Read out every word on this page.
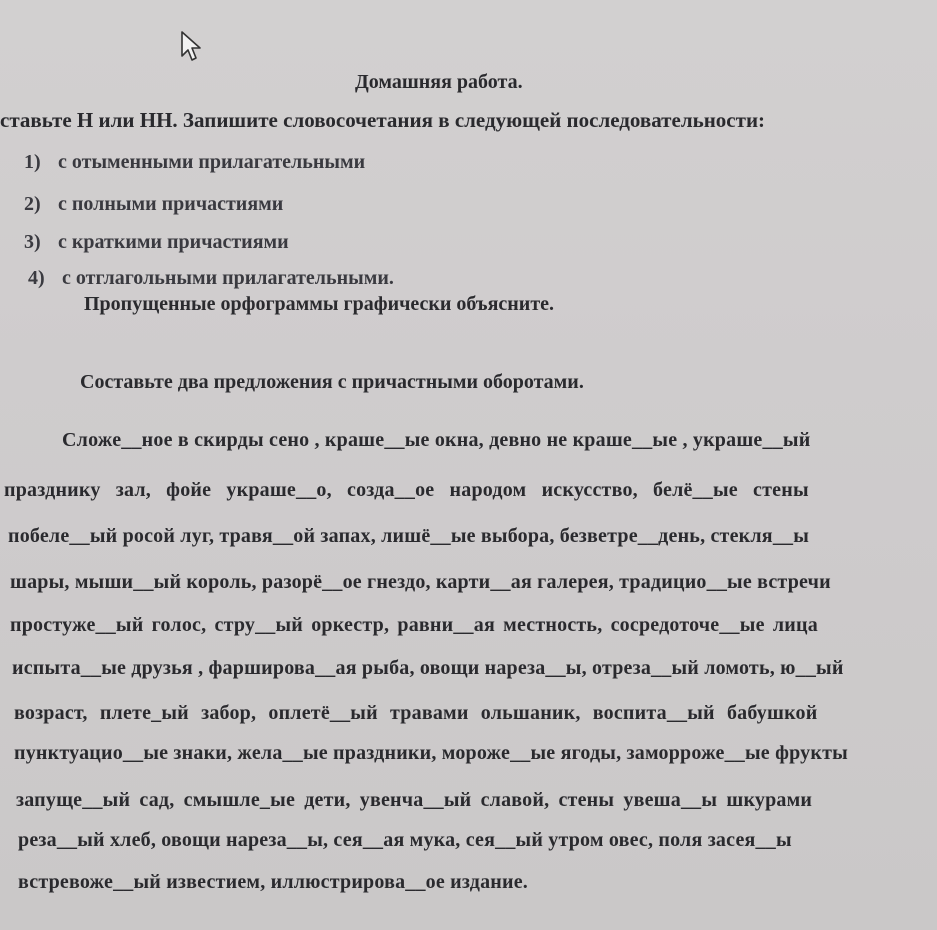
Домашняя работа.
ставьте Н или НН. Запишите словосочетания в следующей последовательности:
1) с отыменными прилагательными
2) с полными причастиями
3) с краткими причастиями
4) с отглагольными прилагательными.
Пропущенные орфограммы графически объясните.
Составьте два предложения с причастными оборотами.
Сложе__ное в скирды сено , краше__ые окна, девно не краше__ые , украше__ый
празднику зал, фойе украше__о, созда__ое народом искусство, белё__ые стены
побеле__ый росой луг, травя__ой запах, лишё__ые выбора, безветре__день, стекля__ы
шары, мыши__ый король, разорё__ое гнездо, карти__ая галерея, традицио__ые встречи
простуже__ый голос, стру__ый оркестр, равни__ая местность, сосредоточе__ые лица
испыта__ые друзья , фарширова__ая рыба, овощи нареза__ы, отреза__ый ломоть, ю__ый
возраст, плете_ый забор, оплетё__ый травами ольшаник, воспита__ый бабушкой
пунктуацио__ые знаки, жела__ые праздники, мороже__ые ягоды, заморроже__ые фрукты
запуще__ый сад, смышле_ые дети, увенча__ый славой, стены увеша__ы шкурами
реза__ый хлеб, овощи нареза__ы, сея__ая мука, сея__ый утром овес, поля засея__ы
встревоже__ый известием, иллюстрирова__ое издание.
